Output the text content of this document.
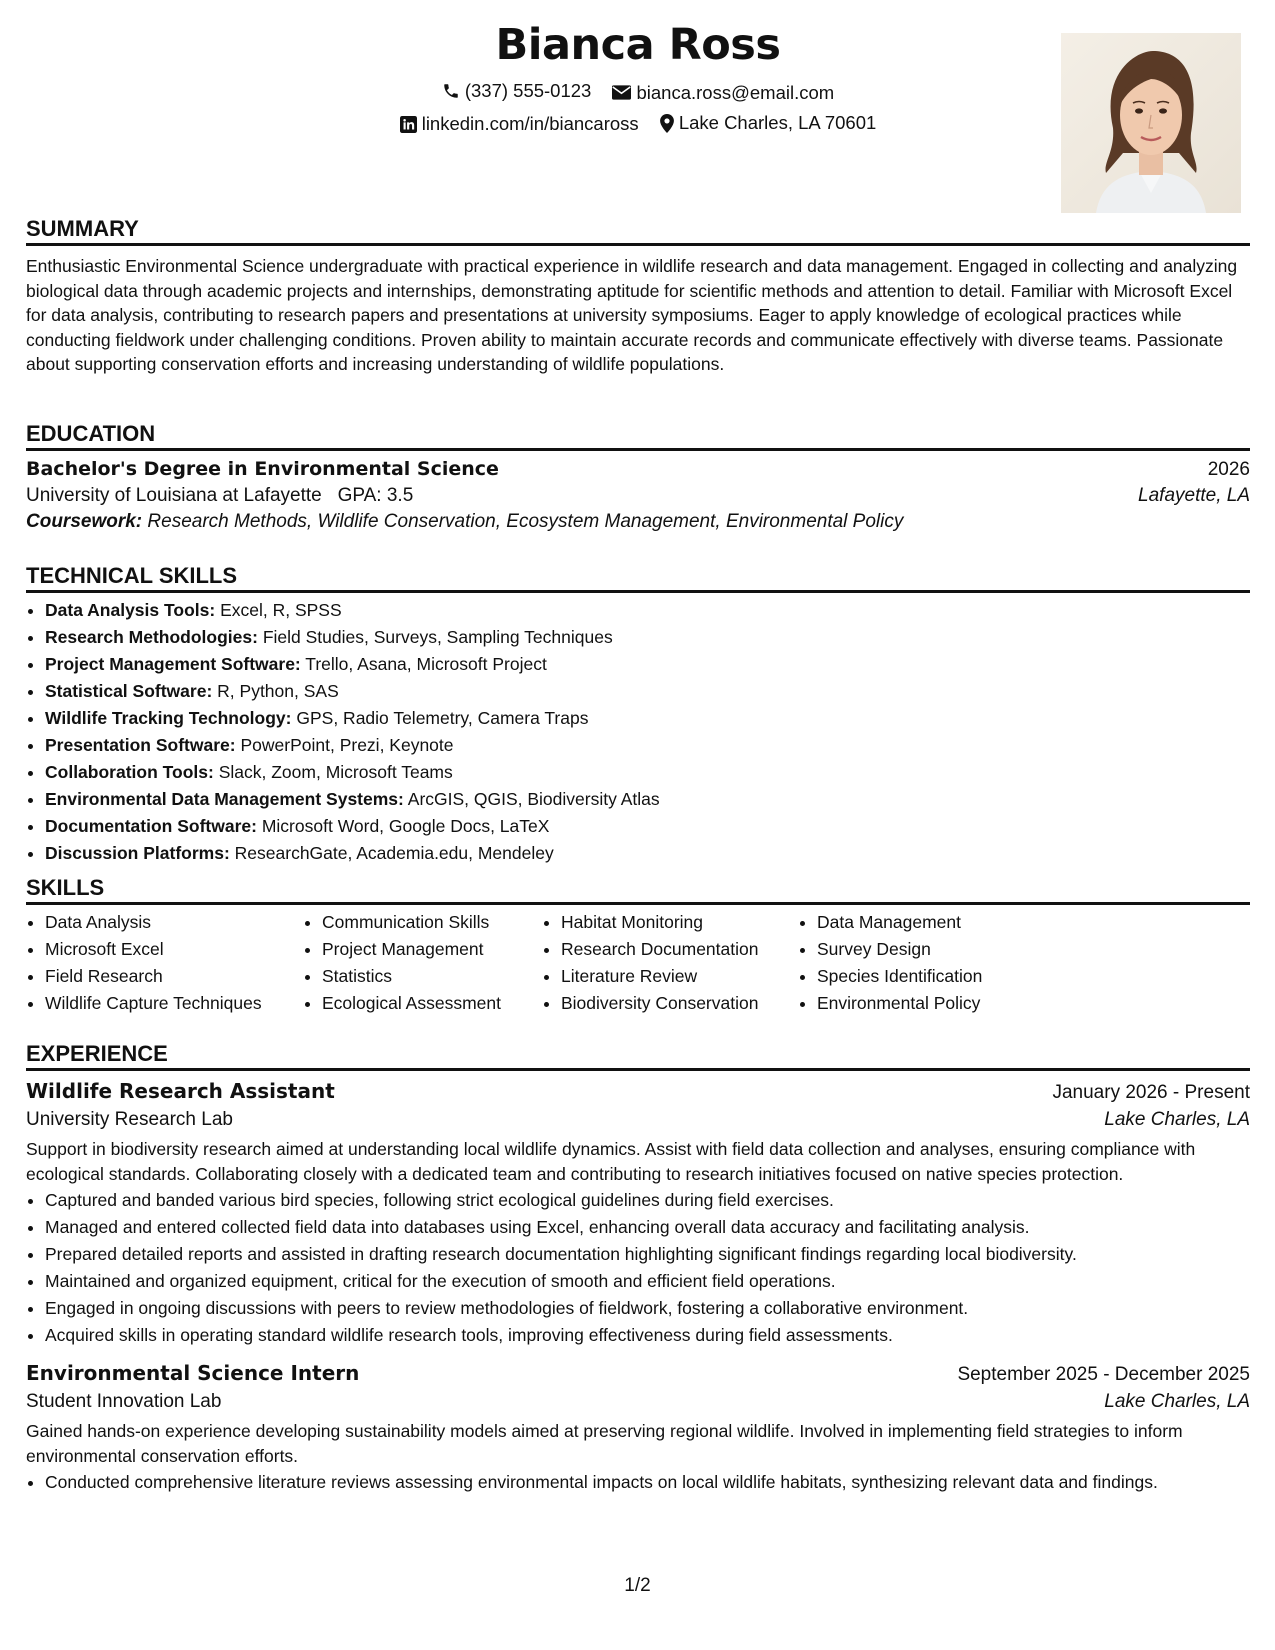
Bianca Ross
(337) 555-0123
bianca.ross@email.com
linkedin.com/in/biancaross
Lake Charles, LA 70601
SUMMARY

Enthusiastic Environmental Science undergraduate with practical experience in wildlife research and data management. Engaged in collecting and analyzing biological data through academic projects and internships, demonstrating aptitude for scientific methods and attention to detail. Familiar with Microsoft Excel for data analysis, contributing to research papers and presentations at university symposiums. Eager to apply knowledge of ecological practices while conducting fieldwork under challenging conditions. Proven ability to maintain accurate records and communicate effectively with diverse teams. Passionate about supporting conservation efforts and increasing understanding of wildlife populations.

EDUCATION
Bachelor's Degree in Environmental Science	2026
University of Louisiana at Lafayette GPA: 3.5	Lafayette, LA
Coursework: Research Methods, Wildlife Conservation, Ecosystem Management, Environmental Policy
TECHNICAL SKILLS
• Data Analysis Tools: Excel, R, SPSS
• Research Methodologies: Field Studies, Surveys, Sampling Techniques
• Project Management Software: Trello, Asana, Microsoft Project
• Statistical Software: R, Python, SAS
• Wildlife Tracking Technology: GPS, Radio Telemetry, Camera Traps
• Presentation Software: PowerPoint, Prezi, Keynote
• Collaboration Tools: Slack, Zoom, Microsoft Teams
• Environmental Data Management Systems: ArcGIS, QGIS, Biodiversity Atlas
• Documentation Software: Microsoft Word, Google Docs, LaTeX
• Discussion Platforms: ResearchGate, Academia.edu, Mendeley
SKILLS
• Data Analysis
• Microsoft Excel
• Field Research
• Wildlife Capture Techniques
• Communication Skills
• Project Management
• Statistics
• Ecological Assessment
• Habitat Monitoring
• Research Documentation
• Literature Review
• Biodiversity Conservation
• Data Management
• Survey Design
• Species Identification
• Environmental Policy
EXPERIENCE
Wildlife Research Assistant	January 2026 - Present
University Research Lab	Lake Charles, LA

Support in biodiversity research aimed at understanding local wildlife dynamics. Assist with field data collection and analyses, ensuring compliance with ecological standards. Collaborating closely with a dedicated team and contributing to research initiatives focused on native species protection.

• Captured and banded various bird species, following strict ecological guidelines during field exercises.
• Managed and entered collected field data into databases using Excel, enhancing overall data accuracy and facilitating analysis.
• Prepared detailed reports and assisted in drafting research documentation highlighting significant findings regarding local biodiversity.
• Maintained and organized equipment, critical for the execution of smooth and efficient field operations.
• Engaged in ongoing discussions with peers to review methodologies of fieldwork, fostering a collaborative environment.
• Acquired skills in operating standard wildlife research tools, improving effectiveness during field assessments.
Environmental Science Intern	September 2025 - December 2025
Student Innovation Lab	Lake Charles, LA

Gained hands-on experience developing sustainability models aimed at preserving regional wildlife. Involved in implementing field strategies to inform environmental conservation efforts.

• Conducted comprehensive literature reviews assessing environmental impacts on local wildlife habitats, synthesizing relevant data and findings.
1/2
